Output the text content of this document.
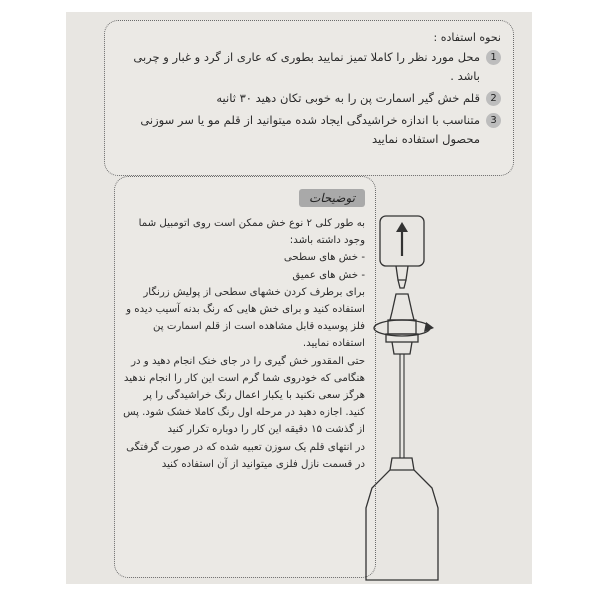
نحوه استفاده :
1
محل مورد نظر را کاملا تمیز نمایید بطوری که عاری از گرد و غبار و چربی باشد .
2
قلم خش گیر اسمارت پن را به خوبی تکان دهید ۳۰ ثانیه
3
متناسب با اندازه خراشیدگی ایجاد شده میتوانید از قلم مو یا سر سوزنی محصول استفاده نمایید
توضیحات

به طور کلی ۲ نوع خش ممکن است روی اتومبیل شما وجود داشته باشد:

- خش های سطحی

- خش های عمیق

برای برطرف کردن خشهای سطحی از پولیش زرنگار استفاده کنید و برای خش هایی که رنگ بدنه آسیب دیده و فلز پوسیده قابل مشاهده است از قلم اسمارت پن استفاده نمایید.

حتی المقدور خش گیری را در جای خنک انجام دهید و در هنگامی که خودروی شما گرم است این کار را انجام ندهید

هرگز سعی نکنید با یکبار اعمال رنگ خراشیدگی را پر کنید. اجازه دهید در مرحله اول رنگ کاملا خشک شود. پس از گذشت ۱۵ دقیقه این کار را دوباره تکرار کنید

در انتهای قلم یک سوزن تعبیه شده که در صورت گرفتگی در قسمت نازل فلزی میتوانید از آن استفاده کنید
